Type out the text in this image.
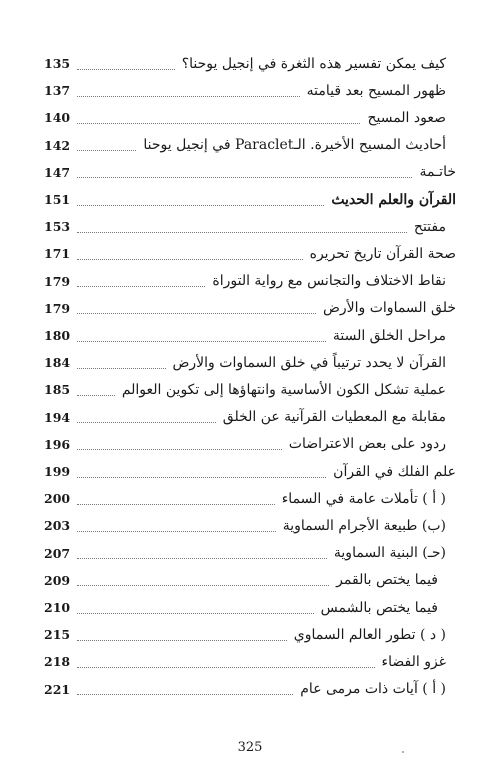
كيف يمكن تفسير هذه الثغرة في إنجيل يوحنا؟
135
ظهور المسيح بعد قيامته
137
صعود المسيح
140
أحاديث المسيح الأخيرة. الـParaclet في إنجيل يوحنا
142
خاتـمة
147
القرآن والعلم الحديث
151
مفتتح
153
صحة القرآن تاريخ تحريره
171
نقاط الاختلاف والتجانس مع رواية التوراة
179
خلق السماوات والأرض
179
مراحل الخلق الستة
180
القرآن لا يحدد ترتيباً في خلق السماوات والأرض
184
عملية تشكل الكون الأساسية وانتهاؤها إلى تكوين العوالم
185
مقابلة مع المعطيات القرآنية عن الخلق
194
ردود على بعض الاعتراضات
196
علم الفلك في القرآن
199
( أ ) تأملات عامة في السماء
200
(ب) طبيعة الأجرام السماوية
203
(حـ) البنية السماوية
207
فيما يختص بالقمر
209
فيما يختص بالشمس
210
( د ) تطور العالم السماوي
215
غزو الفضاء
218
( أ ) آيات ذات مرمى عام
221
325
